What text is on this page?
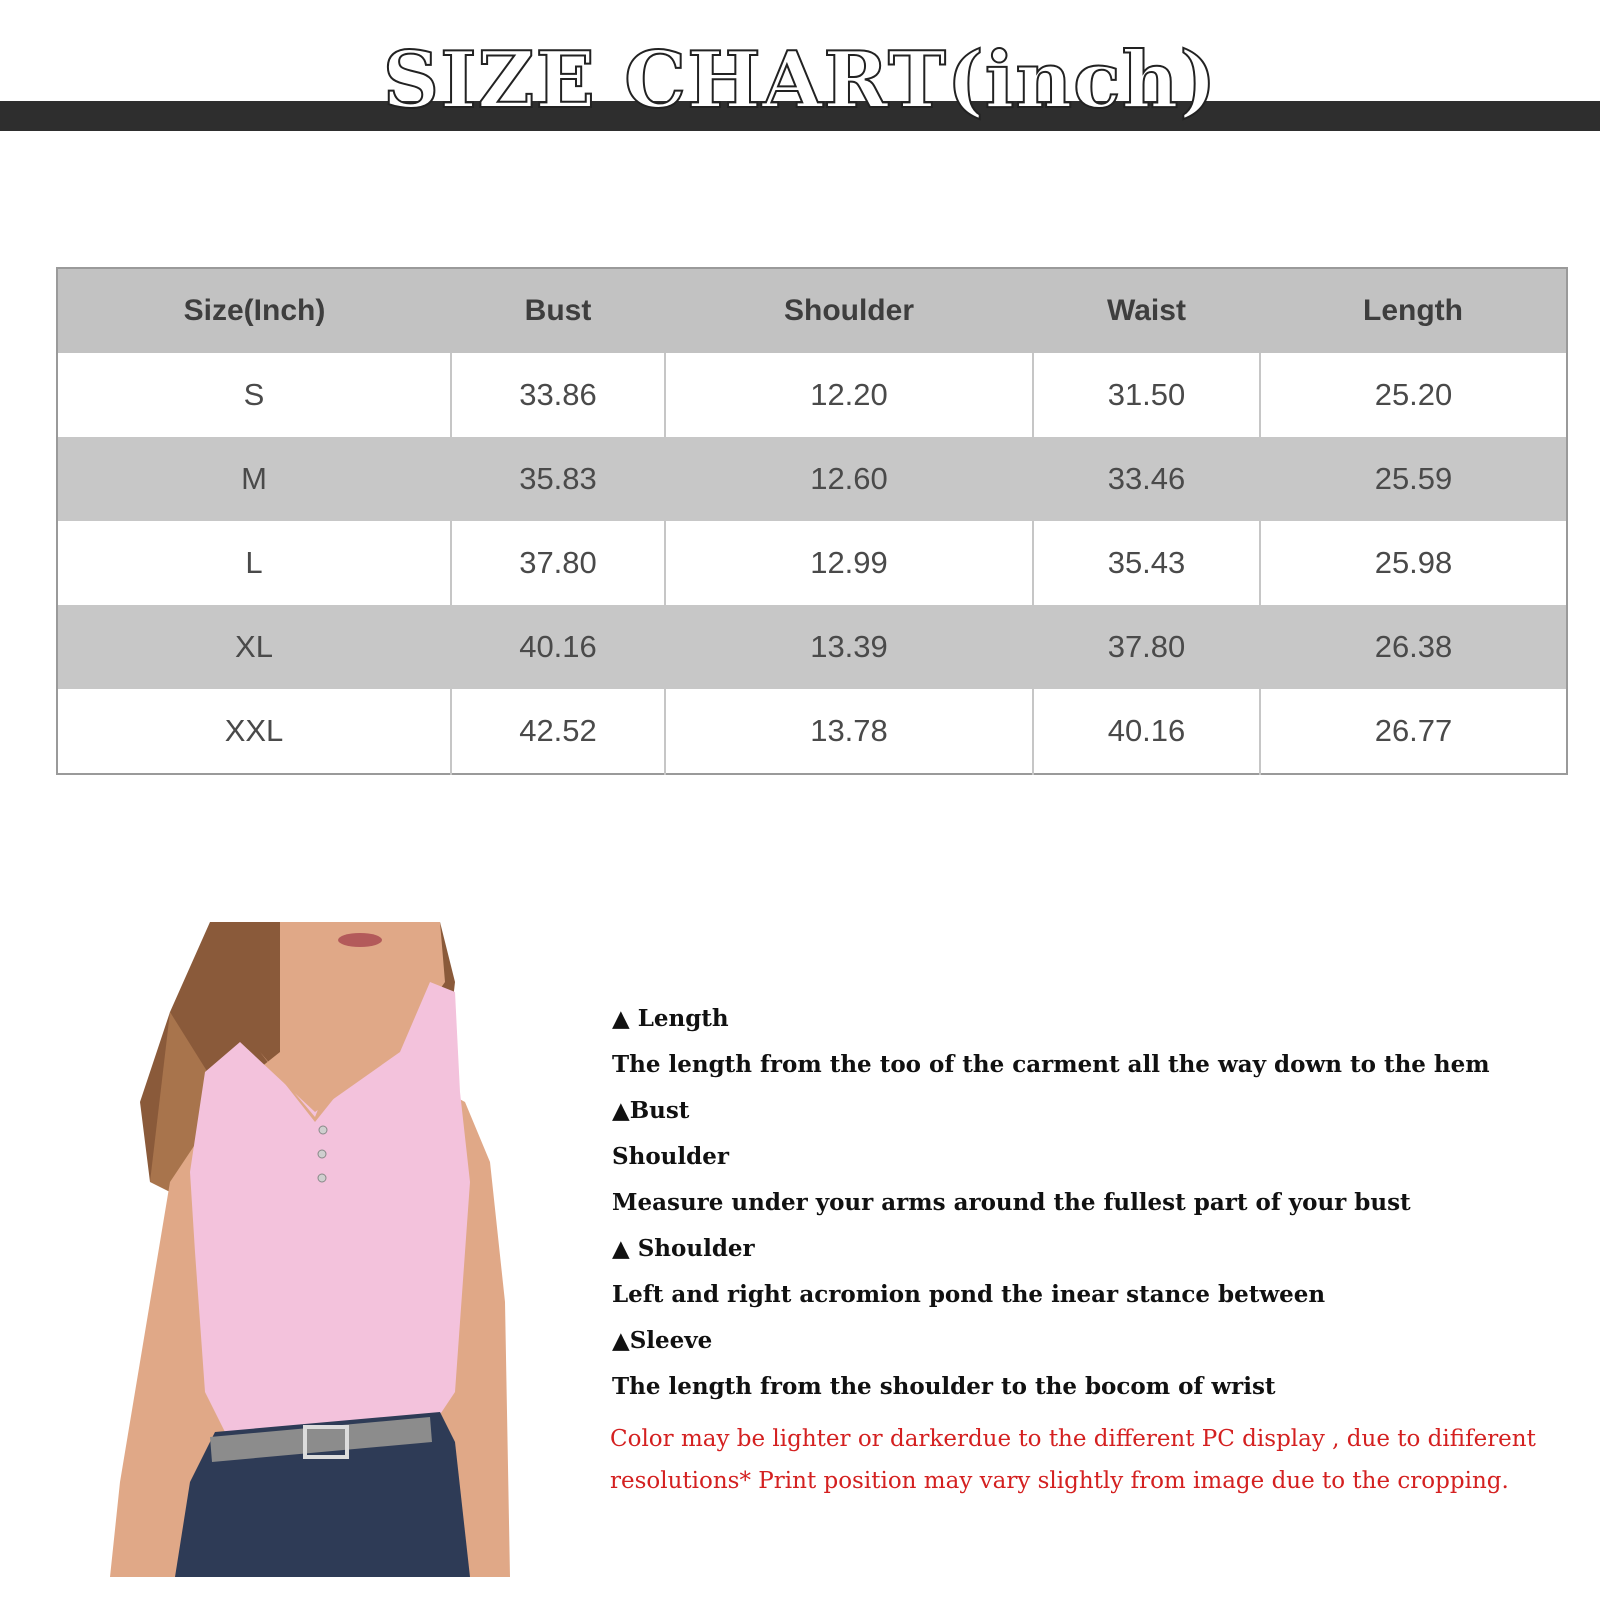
SIZE CHART(inch)
Size(Inch)	Bust	Shoulder	Waist	Length
S	33.86	12.20	31.50	25.20
M	35.83	12.60	33.46	25.59
L	37.80	12.99	35.43	25.98
XL	40.16	13.39	37.80	26.38
XXL	42.52	13.78	40.16	26.77
▲ Length
The length from the too of the carment all the way down to the hem
▲Bust
Shoulder
Measure under your arms around the fullest part of your bust
▲ Shoulder
Left and right acromion pond the inear stance between
▲Sleeve
The length from the shoulder to the bocom of wrist
Color may be lighter or darkerdue to the different PC display , due to dififerent
resolutions* Print position may vary slightly from image due to the cropping.
